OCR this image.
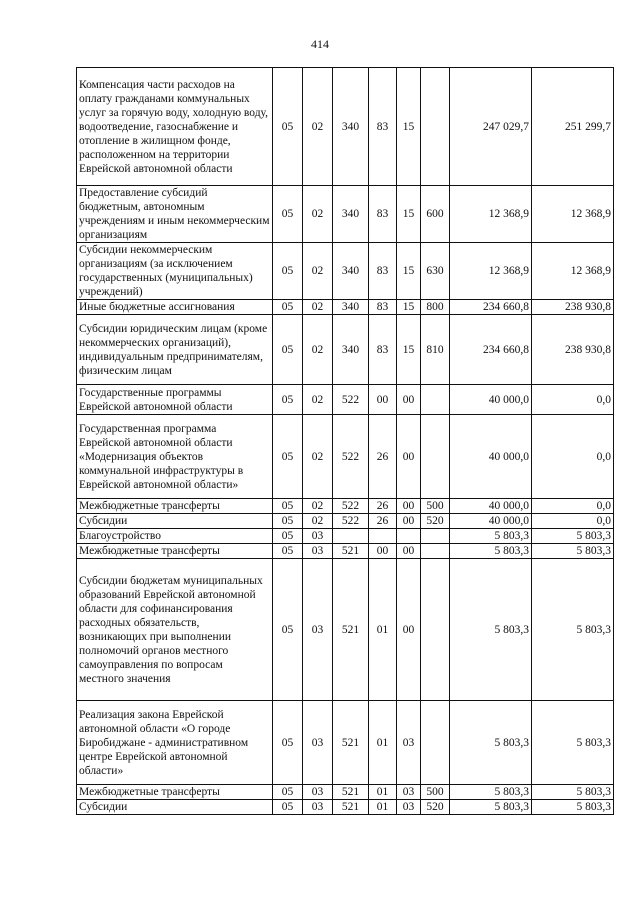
414
Компенсация части расходов на оплату гражданами коммунальных услуг за горячую воду, холодную воду, водоотведение, газоснабжение и отопление в жилищном фонде, расположенном на территории Еврейской автономной области	05	02	340	83	15		247 029,7	251 299,7
Предоставление субсидий бюджетным, автономным учреждениям и иным некоммерческим организациям	05	02	340	83	15	600	12 368,9	12 368,9
Субсидии некоммерческим организациям (за исключением государственных (муниципальных) учреждений)	05	02	340	83	15	630	12 368,9	12 368,9
Иные бюджетные ассигнования	05	02	340	83	15	800	234 660,8	238 930,8
Субсидии юридическим лицам (кроме некоммерческих организаций), индивидуальным предпринимателям, физическим лицам	05	02	340	83	15	810	234 660,8	238 930,8
Государственные программы Еврейской автономной области	05	02	522	00	00		40 000,0	0,0
Государственная программа Еврейской автономной области «Модернизация объектов коммунальной инфраструктуры в Еврейской автономной области»	05	02	522	26	00		40 000,0	0,0
Межбюджетные трансферты	05	02	522	26	00	500	40 000,0	0,0
Субсидии	05	02	522	26	00	520	40 000,0	0,0
Благоустройство	05	03					5 803,3	5 803,3
Межбюджетные трансферты	05	03	521	00	00		5 803,3	5 803,3
Субсидии бюджетам муниципальных образований Еврейской автономной области для софинансирования расходных обязательств, возникающих при выполнении полномочий органов местного самоуправления по вопросам местного значения	05	03	521	01	00		5 803,3	5 803,3
Реализация закона Еврейской автономной области «О городе Биробиджане - административном центре Еврейской автономной области»	05	03	521	01	03		5 803,3	5 803,3
Межбюджетные трансферты	05	03	521	01	03	500	5 803,3	5 803,3
Субсидии	05	03	521	01	03	520	5 803,3	5 803,3
